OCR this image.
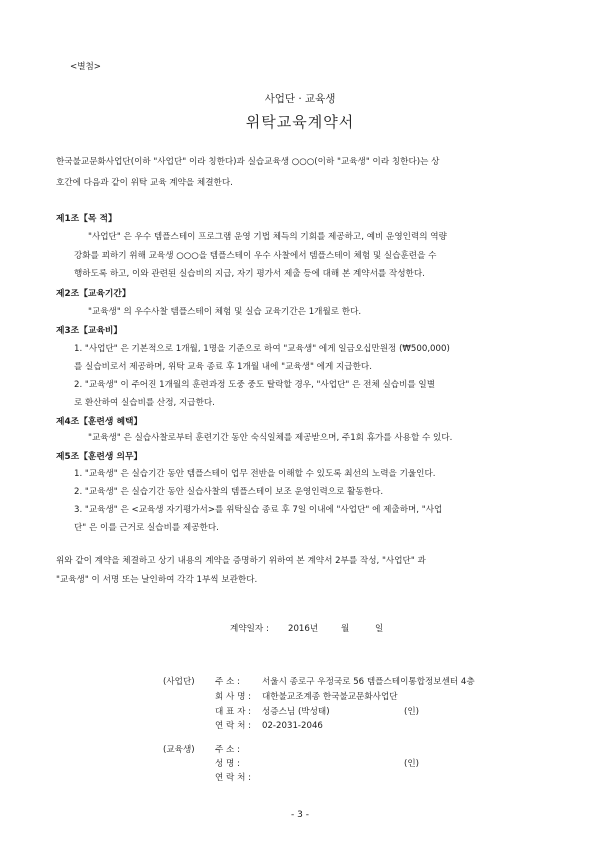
<별첨>
사업단 · 교육생
위탁교육계약서
한국불교문화사업단(이하 "사업단" 이라 칭한다)과 실습교육생 ○○○(이하 "교육생" 이라 칭한다)는 상
호간에 다음과 같이 위탁 교육 계약을 체결한다.
제1조【목 적】
"사업단" 은 우수 템플스테이 프로그램 운영 기법 체득의 기회를 제공하고, 예비 운영인력의 역량
강화를 꾀하기 위해 교육생 ○○○을 템플스테이 우수 사찰에서 템플스테이 체험 및 실습훈련을 수
행하도록 하고, 이와 관련된 실습비의 지급, 자기 평가서 제출 등에 대해 본 계약서를 작성한다.
제2조【교육기간】
"교육생" 의 우수사찰 템플스테이 체험 및 실습 교육기간은 1개월로 한다.
제3조【교육비】
1. "사업단" 은 기본적으로 1개월, 1명을 기준으로 하여 "교육생" 에게 일금오십만원정 (₩500,000)
를 실습비로서 제공하며, 위탁 교육 종료 후 1개월 내에 "교육생" 에게 지급한다.
2. "교육생" 이 주어진 1개월의 훈련과정 도중 중도 탈락할 경우, "사업단" 은 전체 실습비를 일별
로 환산하여 실습비를 산정, 지급한다.
제4조【훈련생 혜택】
"교육생" 은 실습사찰로부터 훈련기간 동안 숙식일체를 제공받으며, 주1회 휴가를 사용할 수 있다.
제5조【훈련생 의무】
1. "교육생" 은 실습기간 동안 템플스테이 업무 전반을 이해할 수 있도록 최선의 노력을 기울인다.
2. "교육생" 은 실습기간 동안 실습사찰의 템플스테이 보조 운영인력으로 활동한다.
3. "교육생" 은 <교육생 자기평가서>를 위탁실습 종료 후 7일 이내에 "사업단" 에 제출하며, "사업
단" 은 이를 근거로 실습비를 제공한다.
위와 같이 계약을 체결하고 상기 내용의 계약을 증명하기 위하여 본 계약서 2부를 작성, "사업단" 과
"교육생" 이 서명 또는 날인하여 각각 1부씩 보관한다.
계약일자 : 2016년	월	일
(사업단) 주 소 :	서울시 종로구 우정국로 56 템플스테이통합정보센터 4층
회 사 명 : 대한불교조계종 한국불교문화사업단
대 표 자 : 성증스님 (박성태)	(인)
연 락 처 : 02-2031-2046
(교육생) 주 소 :
성 명 :	(인)
연 락 처 :
- 3 -
